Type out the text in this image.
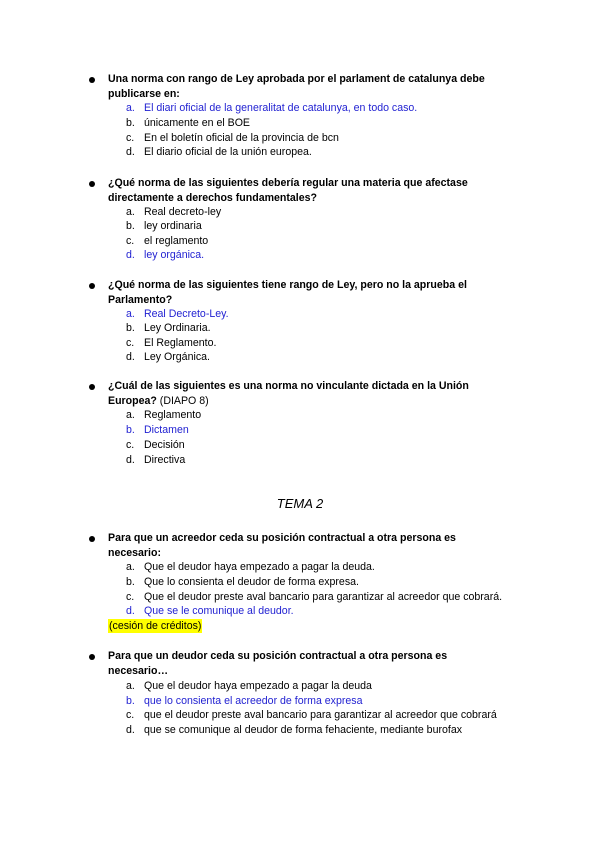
Una norma con rango de Ley aprobada por el parlament de catalunya debe publicarse en:
a. El diari oficial de la generalitat de catalunya, en todo caso.
b. únicamente en el BOE
c. En el boletín oficial de la provincia de bcn
d. El diario oficial de la unión europea.
¿Qué norma de las siguientes debería regular una materia que afectase directamente a derechos fundamentales?
a. Real decreto-ley
b. ley ordinaria
c. el reglamento
d. ley orgánica.
¿Qué norma de las siguientes tiene rango de Ley, pero no la aprueba el Parlamento?
a. Real Decreto-Ley.
b. Ley Ordinaria.
c. El Reglamento.
d. Ley Orgánica.
¿Cuál de las siguientes es una norma no vinculante dictada en la Unión Europea? (DIAPO 8)
a. Reglamento
b. Dictamen
c. Decisión
d. Directiva
TEMA 2
Para que un acreedor ceda su posición contractual a otra persona es necesario:
a. Que el deudor haya empezado a pagar la deuda.
b. Que lo consienta el deudor de forma expresa.
c. Que el deudor preste aval bancario para garantizar al acreedor que cobrará.
d. Que se le comunique al deudor.
(cesión de créditos)
Para que un deudor ceda su posición contractual a otra persona es necesario…
a. Que el deudor haya empezado a pagar la deuda
b. que lo consienta el acreedor de forma expresa
c. que el deudor preste aval bancario para garantizar al acreedor que cobrará
d. que se comunique al deudor de forma fehaciente, mediante burofax
